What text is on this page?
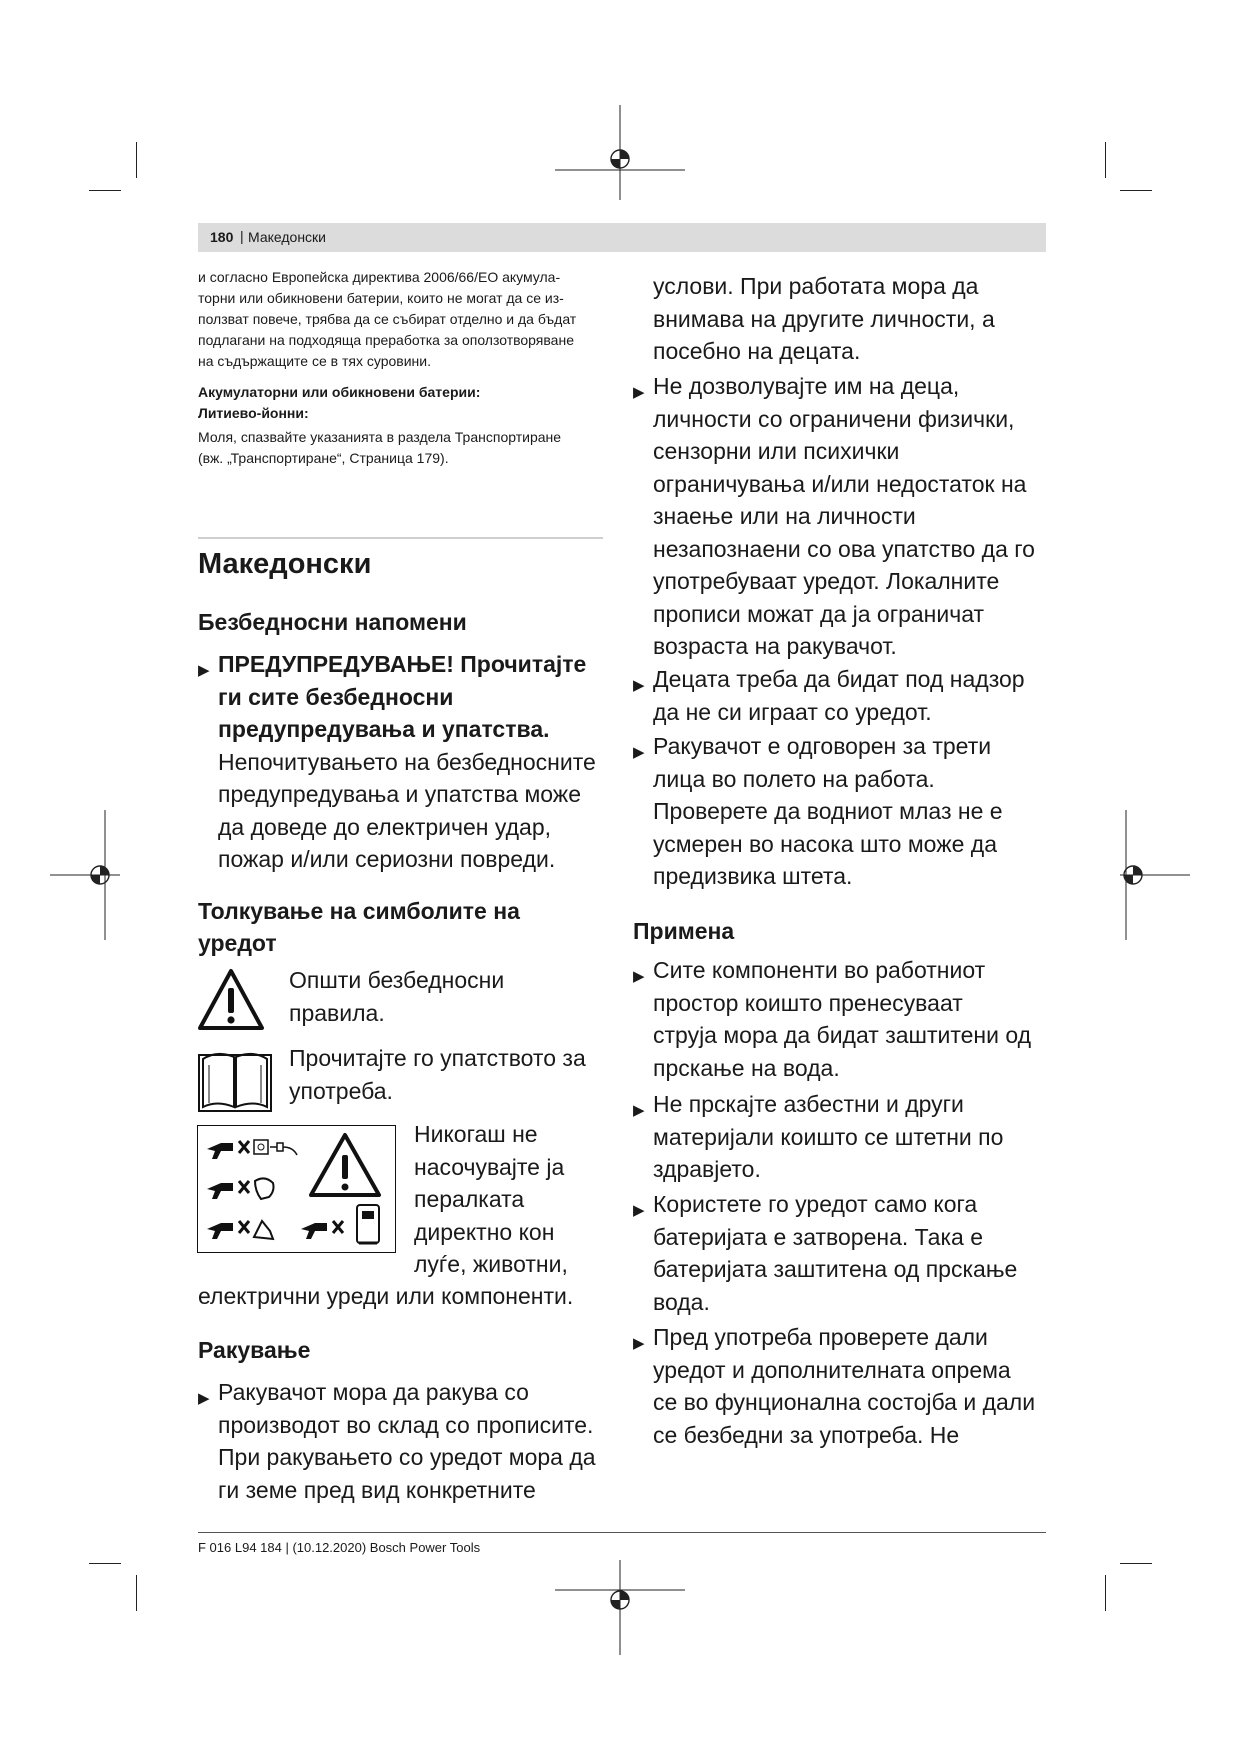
180 | Македонски

и согласно Европейска директива 2006/66/ЕО акумула-

торни или обикновени батерии, които не могат да се из-

ползват повече, трябва да се събират отделно и да бъдат

подлагани на подходяща преработка за оползотворяване

на съдържащите се в тях суровини.

Акумулаторни или обикновени батерии:

Литиево-йонни:

Моля, спазвайте указанията в раздела Транспортиране

(вж. „Транспортиране“, Страница 179).

Македонски
Безбедносни напомени
▶ ПРЕДУПРЕДУВАЊЕ! Прочитајте
ги сите безбедносни
предупредувања и упатства.
Непочитувањето на безбедносните
предупредувања и упатства може
да доведе до електричен удар,
пожар и/или сериозни повреди.
Толкување на симболите на
уредот
Општи безбедносни
правила.
Прочитајте го упатството за
употреба.
Никогаш не
насочувајте ја
пералката
директно кон
луѓе, животни,
електрични уреди или компоненти.
Ракување
▶ Ракувачот мора да ракува со
производот во склад со прописите.
При ракувањето со уредот мора да
ги земе пред вид конкретните
услови. При работата мора да
внимава на другите личности, а
посебно на децата.
▶ Не дозволувајте им на деца,
личности со ограничени физички,
сензорни или психички
ограничувања и/или недостаток на
знаење или на личности
незапознаени со ова упатство да го
употребуваат уредот. Локалните
прописи можат да ја ограничат
возраста на ракувачот.
▶ Децата треба да бидат под надзор
да не си играат со уредот.
▶ Ракувачот е одговорен за трети
лица во полето на работа.
Проверете да водниот млаз не е
усмерен во насока што може да
предизвика штета.
Примена
▶ Сите компоненти во работниот
простор коишто пренесуваат
струја мора да бидат заштитени од
прскање на вода.
▶ Не прскајте азбестни и други
материјали коишто се штетни по
здравјето.
▶ Користете го уредот само кога
батеријата е затворена. Така е
батеријата заштитена од прскање
вода.
▶ Пред употреба проверете дали
уредот и дополнителната опрема
се во фунционална состојба и дали
се безбедни за употреба. Не
F 016 L94 184 | (10.12.2020) Bosch Power Tools
